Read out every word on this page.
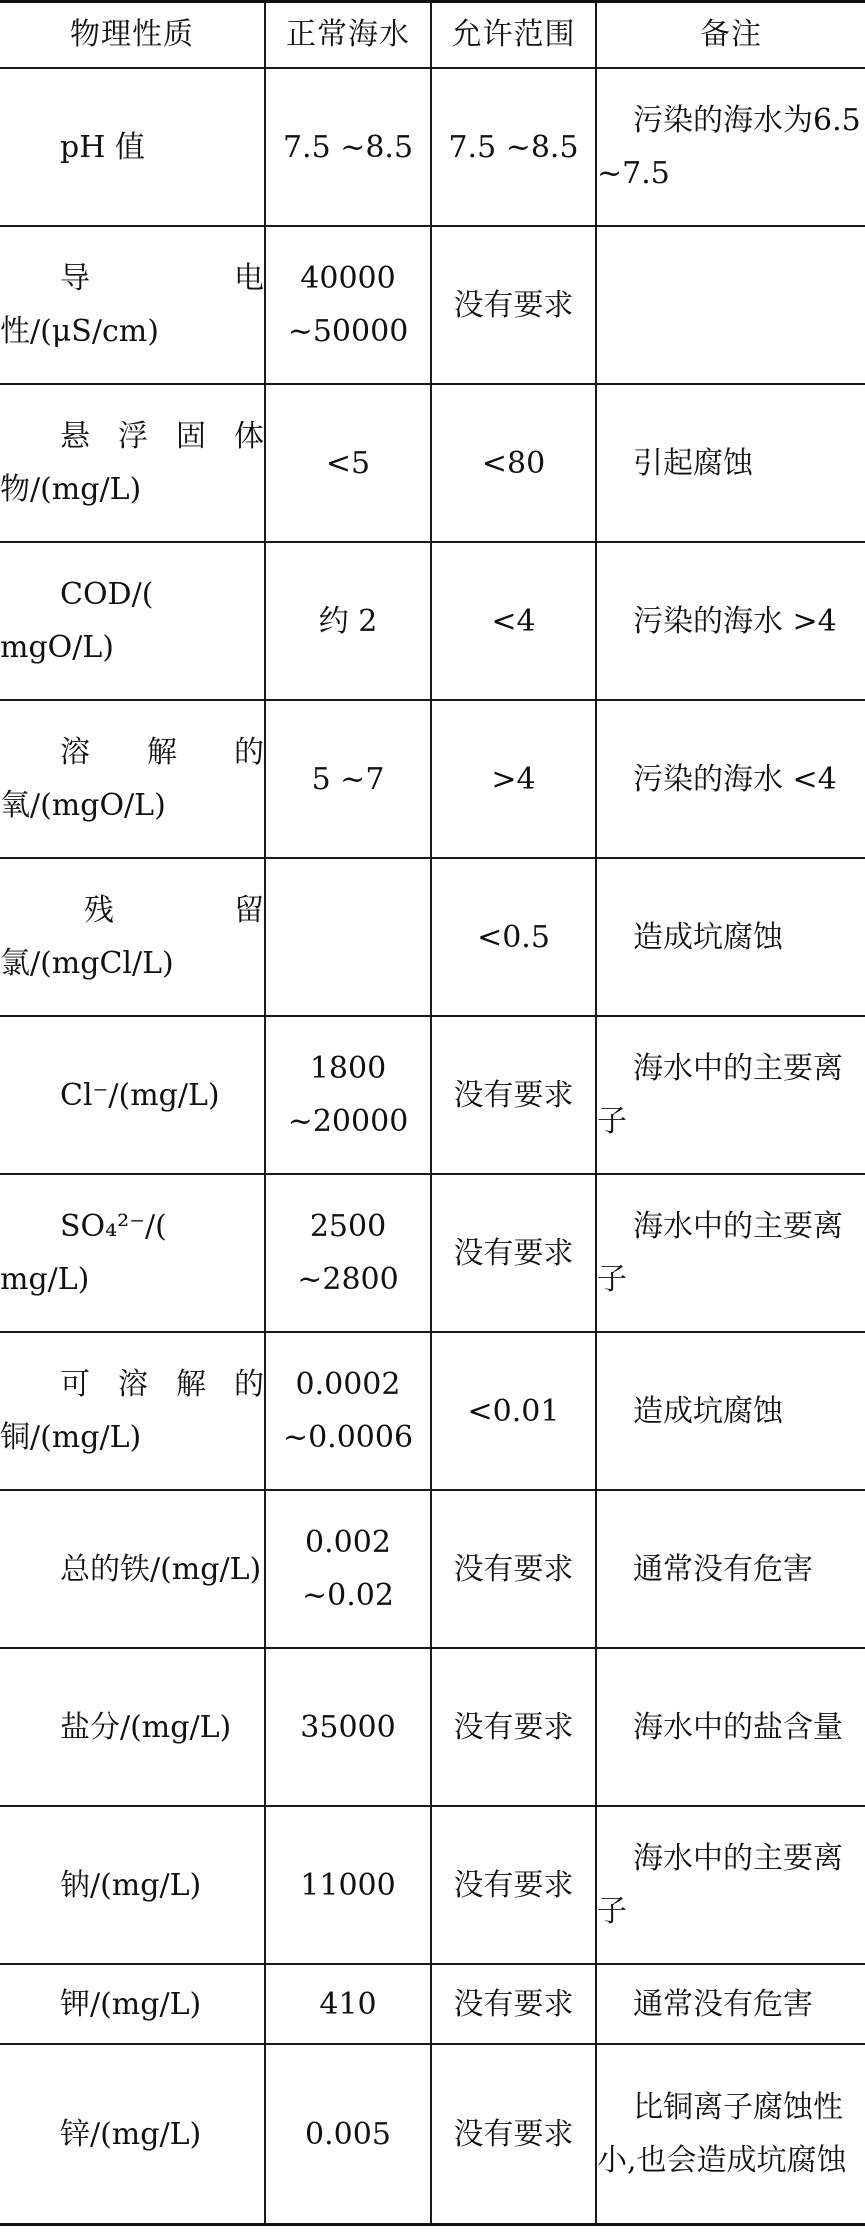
物理性质	正常海水	允许范围	备注

pH 值	7.5 ~8.5	7.5 ~8.5	污染的海水为6.5 ~7.5

导电性/(μS/cm)	40000 ~50000	没有要求	

悬浮固体物/(mg/L)	<5	<80	引起腐蚀

COD/( mgO/L)	约 2	<4	污染的海水 >4

溶 解 的 氧/(mgO/L)	5 ~7	>4	污染的海水 <4

残 留 氯/(mgCl/L)		<0.5	造成坑腐蚀

Cl⁻/(mg/L)	1800 ~20000	没有要求	海水中的主要离子

SO₄²⁻/( mg/L)	2500 ~2800	没有要求	海水中的主要离子

可溶解的铜/(mg/L)	0.0002 ~0.0006	<0.01	造成坑腐蚀

总的铁/(mg/L)	0.002 ~0.02	没有要求	通常没有危害

盐分/(mg/L)	35000	没有要求	海水中的盐含量

钠/(mg/L)	11000	没有要求	海水中的主要离子

钾/(mg/L)	410	没有要求	通常没有危害

锌/(mg/L)	0.005	没有要求	比铜离子腐蚀性小,也会造成坑腐蚀
